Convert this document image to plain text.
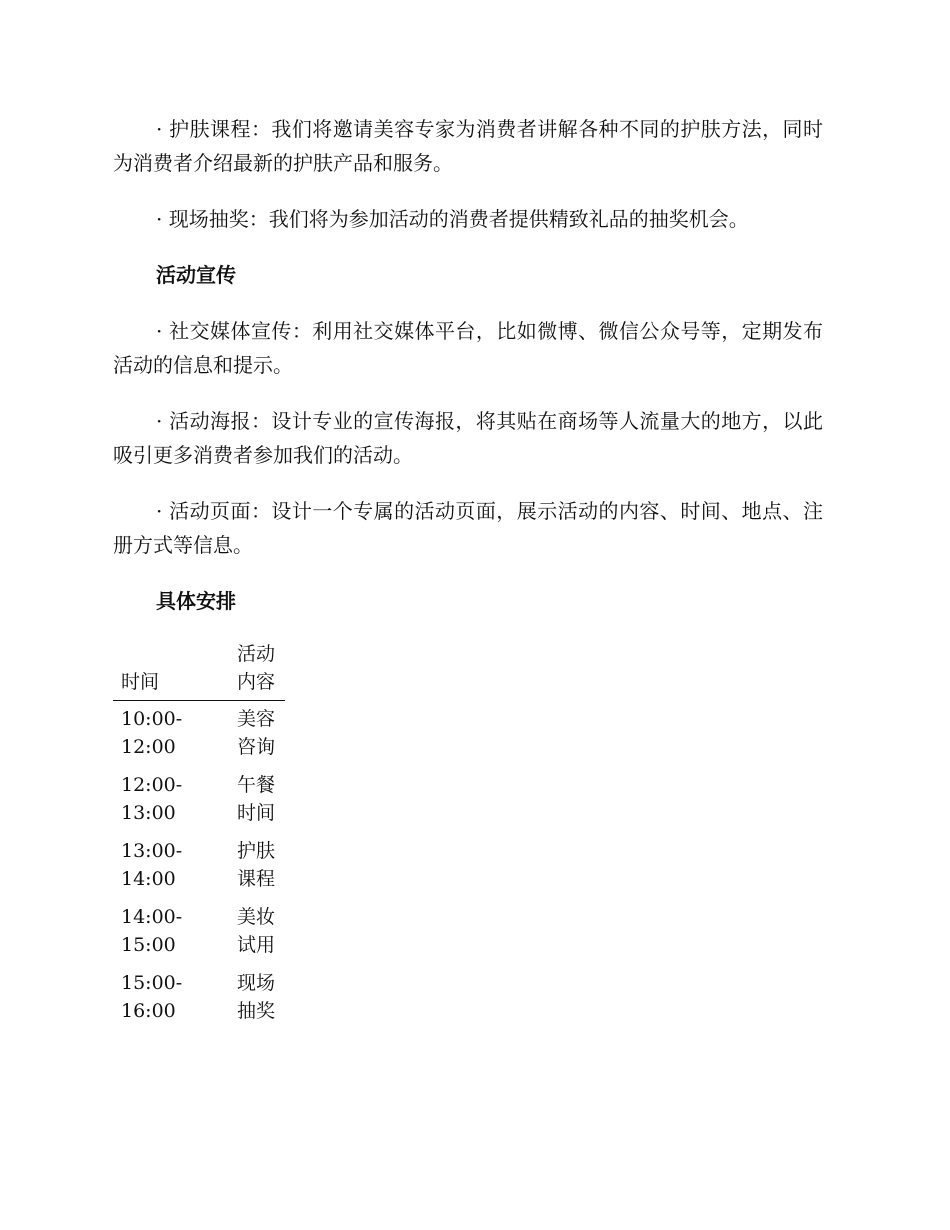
· 护肤课程：我们将邀请美容专家为消费者讲解各种不同的护肤方法，同时为消费者介绍最新的护肤产品和服务。

· 现场抽奖：我们将为参加活动的消费者提供精致礼品的抽奖机会。

活动宣传

· 社交媒体宣传：利用社交媒体平台，比如微博、微信公众号等，定期发布活动的信息和提示。

· 活动海报：设计专业的宣传海报，将其贴在商场等人流量大的地方，以此吸引更多消费者参加我们的活动。

· 活动页面：设计一个专属的活动页面，展示活动的内容、时间、地点、注册方式等信息。

具体安排
时间	活动内容
10:00-12:00	美容咨询
12:00-13:00	午餐时间
13:00-14:00	护肤课程
14:00-15:00	美妆试用
15:00-16:00	现场抽奖
